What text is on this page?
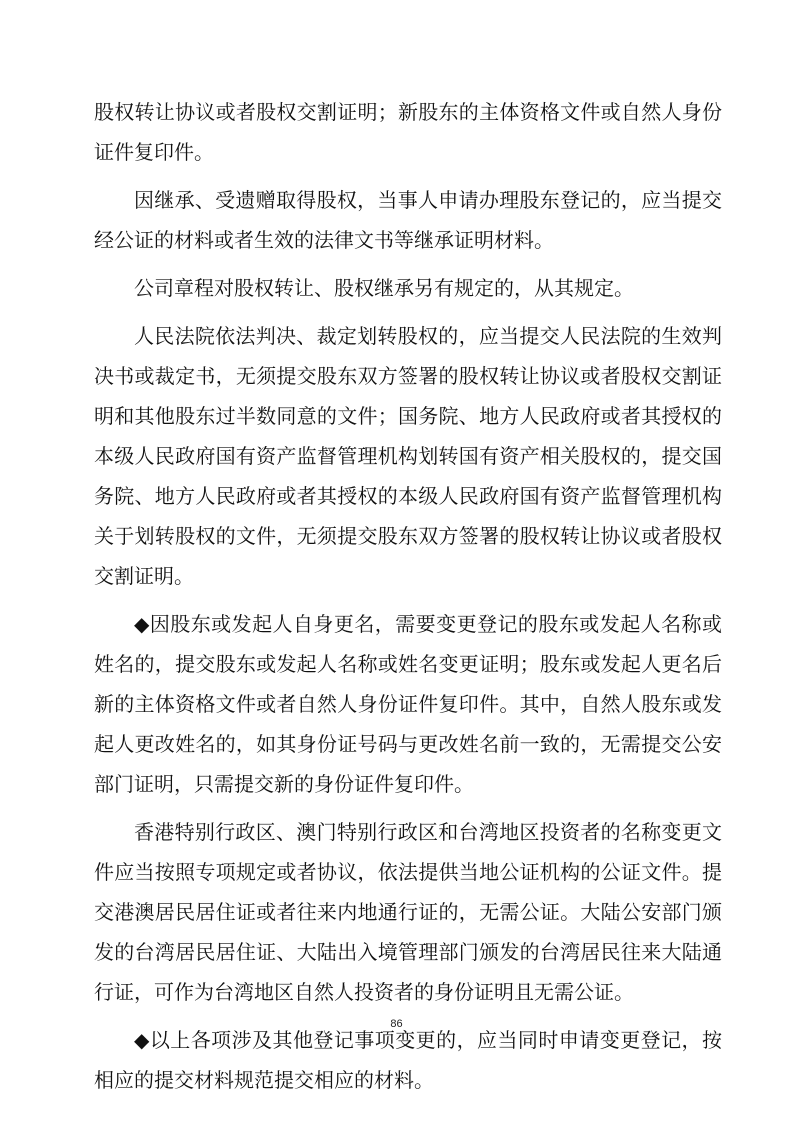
股权转让协议或者股权交割证明；新股东的主体资格文件或自然人身份证件复印件。

因继承、受遗赠取得股权，当事人申请办理股东登记的，应当提交经公证的材料或者生效的法律文书等继承证明材料。

公司章程对股权转让、股权继承另有规定的，从其规定。

人民法院依法判决、裁定划转股权的，应当提交人民法院的生效判决书或裁定书，无须提交股东双方签署的股权转让协议或者股权交割证明和其他股东过半数同意的文件；国务院、地方人民政府或者其授权的本级人民政府国有资产监督管理机构划转国有资产相关股权的，提交国务院、地方人民政府或者其授权的本级人民政府国有资产监督管理机构关于划转股权的文件，无须提交股东双方签署的股权转让协议或者股权交割证明。

◆因股东或发起人自身更名，需要变更登记的股东或发起人名称或姓名的，提交股东或发起人名称或姓名变更证明；股东或发起人更名后新的主体资格文件或者自然人身份证件复印件。其中，自然人股东或发起人更改姓名的，如其身份证号码与更改姓名前一致的，无需提交公安部门证明，只需提交新的身份证件复印件。

香港特别行政区、澳门特别行政区和台湾地区投资者的名称变更文件应当按照专项规定或者协议，依法提供当地公证机构的公证文件。提交港澳居民居住证或者往来内地通行证的，无需公证。大陆公安部门颁发的台湾居民居住证、大陆出入境管理部门颁发的台湾居民往来大陆通行证，可作为台湾地区自然人投资者的身份证明且无需公证。

◆以上各项涉及其他登记事项变更的，应当同时申请变更登记，按相应的提交材料规范提交相应的材料。

86
